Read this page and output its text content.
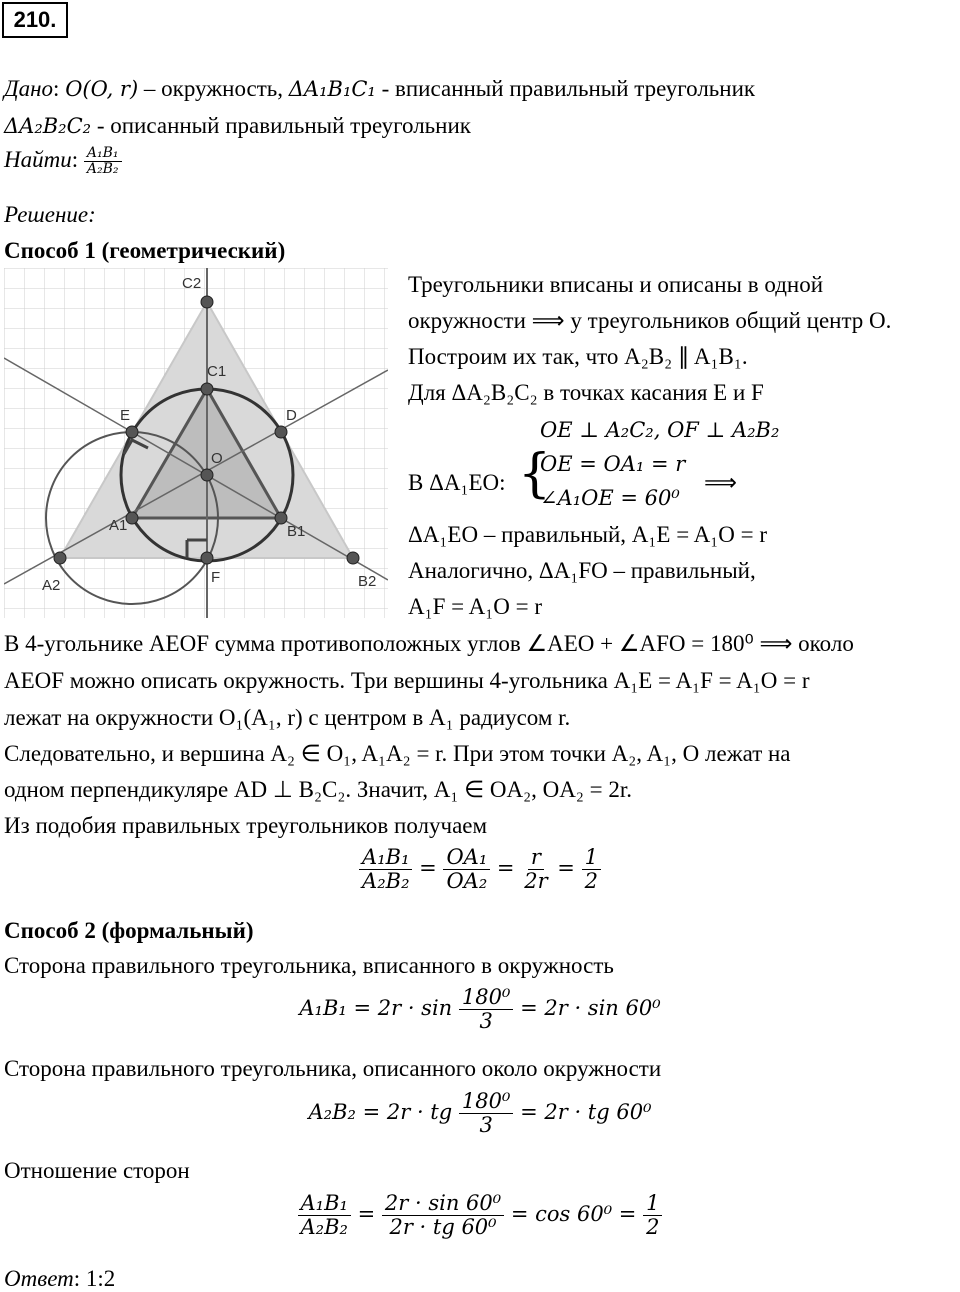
210.
Дано: O(O, r) – окружность, ΔA₁B₁C₁ - вписанный правильный треугольник
ΔA₂B₂C₂ - описанный правильный треугольник
Найти: $\frac{\text{A₁B₁}}{\text{A₂B₂}}$
Решение:
Способ 1 (геометрический)
C2
C1
E	D
O
A1	B1
F
A2	B2
Треугольники вписаны и описаны в одной
окружности ⟹ у треугольников общий центр O.
Построим их так, что A₂B₂ ∥ A₁B₁.
Для ΔA₂B₂C₂ в точках касания E и F
OE ⊥ A₂C₂, OF ⊥ A₂B₂
В ΔA₁EO: {
OE = OA₁ = r
∠A₁OE = 60⁰
⟹
ΔA₁EO – правильный, A₁E = A₁O = r
Аналогично, ΔA₁FO – правильный,
A₁F = A₁O = r
В 4-угольнике AEOF сумма противоположных углов ∠AEO + ∠AFO = 180⁰ ⟹ около
AEOF можно описать окружность. Три вершины 4-угольника A₁E = A₁F = A₁O = r
лежат на окружности O₁(A₁, r) с центром в A₁ радиусом r.
Следовательно, и вершина A₂ ∈ O₁, A₁A₂ = r. При этом точки A₂, A₁, O лежат на
одном перпендикуляре AD ⊥ B₂C₂. Значит, A₁ ∈ OA₂, OA₂ = 2r.
Из подобия правильных треугольников получаем
$\frac{\text{A₁B₁}}{\text{A₂B₂}} = \frac{\text{OA₁}}{\text{OA₂}} = \frac{r}{2r} = \frac{1}{2}$
Способ 2 (формальный)
Сторона правильного треугольника, вписанного в окружность
$A_1B_1 = 2r \cdot \sin \frac{\text{180⁰}}{3} = 2r \cdot \sin 60^0$
Сторона правильного треугольника, описанного около окружности
A₂B₂ = 2r · tg $\frac{\text{180⁰}}{3} = 2r$ · tg 60⁰
Отношение сторон
$\frac{\text{A₁B₁}}{\text{A₂B₂}} = \frac{\text{2r · sin 60⁰}}{\text{2r · tg 60⁰}} = \cos 60^0 = \frac{1}{2}$
Ответ: 1:2
